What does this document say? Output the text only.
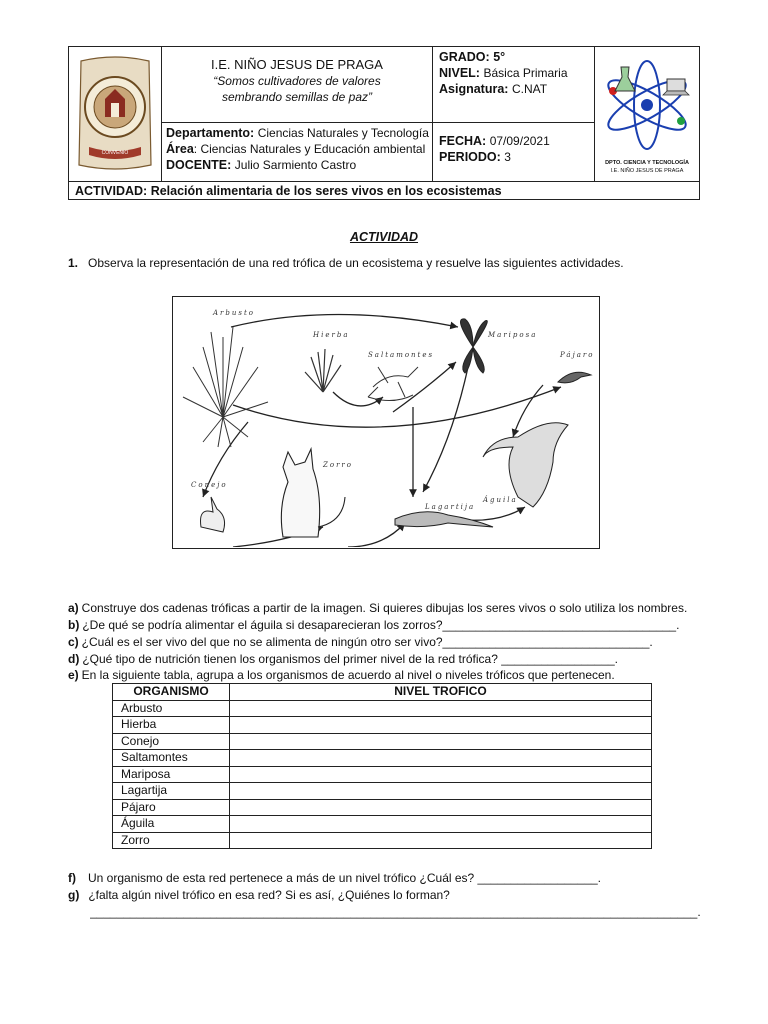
CONVENIO
I.E. NIÑO JESUS DE PRAGA
“Somos cultivadores de valores sembrando semillas de paz”
GRADO: 5°
NIVEL: Básica Primaria
Asignatura: C.NAT
Departamento: Ciencias Naturales y Tecnología
Área: Ciencias Naturales y Educación ambiental
DOCENTE: Julio Sarmiento Castro
FECHA: 07/09/2021
PERIODO: 3	DPTO. CIENCIA Y TECNOLOGÍA
I.E. NIÑO JESUS DE PRAGA
ACTIVIDAD: Relación alimentaria de los seres vivos en los ecosistemas
ACTIVIDAD
1. Observa la representación de una red trófica de un ecosistema y resuelve las siguientes actividades.
Arbusto
Hierba
Saltamontes
Mariposa
Pájaro
Águila
Conejo
Zorro
Lagartija
a) Construye dos cadenas tróficas a partir de la imagen. Si quieres dibujas los seres vivos o solo utiliza los nombres.
b) ¿De qué se podría alimentar el águila si desaparecieran los zorros?___________________________________.
c) ¿Cuál es el ser vivo del que no se alimenta de ningún otro ser vivo?_______________________________.
d) ¿Qué tipo de nutrición tienen los organismos del primer nivel de la red trófica? _________________.
e) En la siguiente tabla, agrupa a los organismos de acuerdo al nivel o niveles tróficos que pertenecen.
ORGANISMO	NIVEL TROFICO
Arbusto	
Hierba	
Conejo	
Saltamontes	
Mariposa	
Lagartija	
Pájaro	
Águila	
Zorro	
f) Un organismo de esta red pertenece a más de un nivel trófico ¿Cuál es? __________________.
g) ¿falta algún nivel trófico en esa red? Si es así, ¿Quiénes lo forman?
___________________________________________________________________________________________.
